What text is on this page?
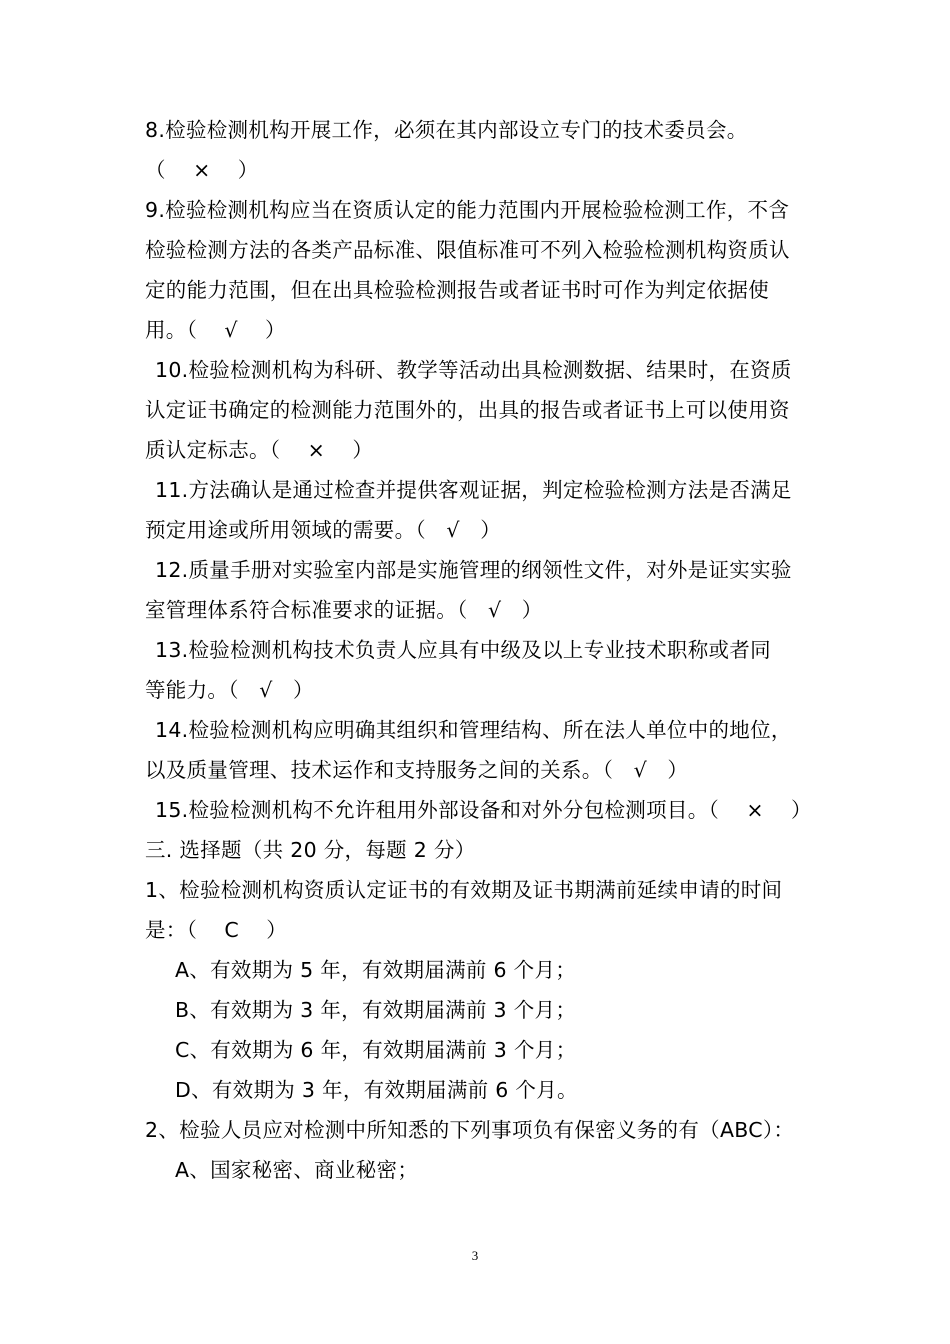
8.检验检测机构开展工作，必须在其内部设立专门的技术委员会。
（    ×    ）
9.检验检测机构应当在资质认定的能力范围内开展检验检测工作，不含
检验检测方法的各类产品标准、限值标准可不列入检验检测机构资质认
定的能力范围，但在出具检验检测报告或者证书时可作为判定依据使
用。（    √    ）
10.检验检测机构为科研、教学等活动出具检测数据、结果时，在资质
认定证书确定的检测能力范围外的，出具的报告或者证书上可以使用资
质认定标志。（    ×    ）
11.方法确认是通过检查并提供客观证据，判定检验检测方法是否满足
预定用途或所用领域的需要。（   √   ）
12.质量手册对实验室内部是实施管理的纲领性文件，对外是证实实验
室管理体系符合标准要求的证据。（   √   ）
13.检验检测机构技术负责人应具有中级及以上专业技术职称或者同
等能力。（   √   ）
14.检验检测机构应明确其组织和管理结构、所在法人单位中的地位，
以及质量管理、技术运作和支持服务之间的关系。（   √   ）
15.检验检测机构不允许租用外部设备和对外分包检测项目。（    ×    ）
三. 选择题（共 20 分，每题 2 分）
1、检验检测机构资质认定证书的有效期及证书期满前延续申请的时间
是：（    C    ）
A、有效期为 5 年，有效期届满前 6 个月；
B、有效期为 3 年，有效期届满前 3 个月；
C、有效期为 6 年，有效期届满前 3 个月；
D、有效期为 3 年，有效期届满前 6 个月。
2、检验人员应对检测中所知悉的下列事项负有保密义务的有（ABC）：
A、国家秘密、商业秘密；
3
